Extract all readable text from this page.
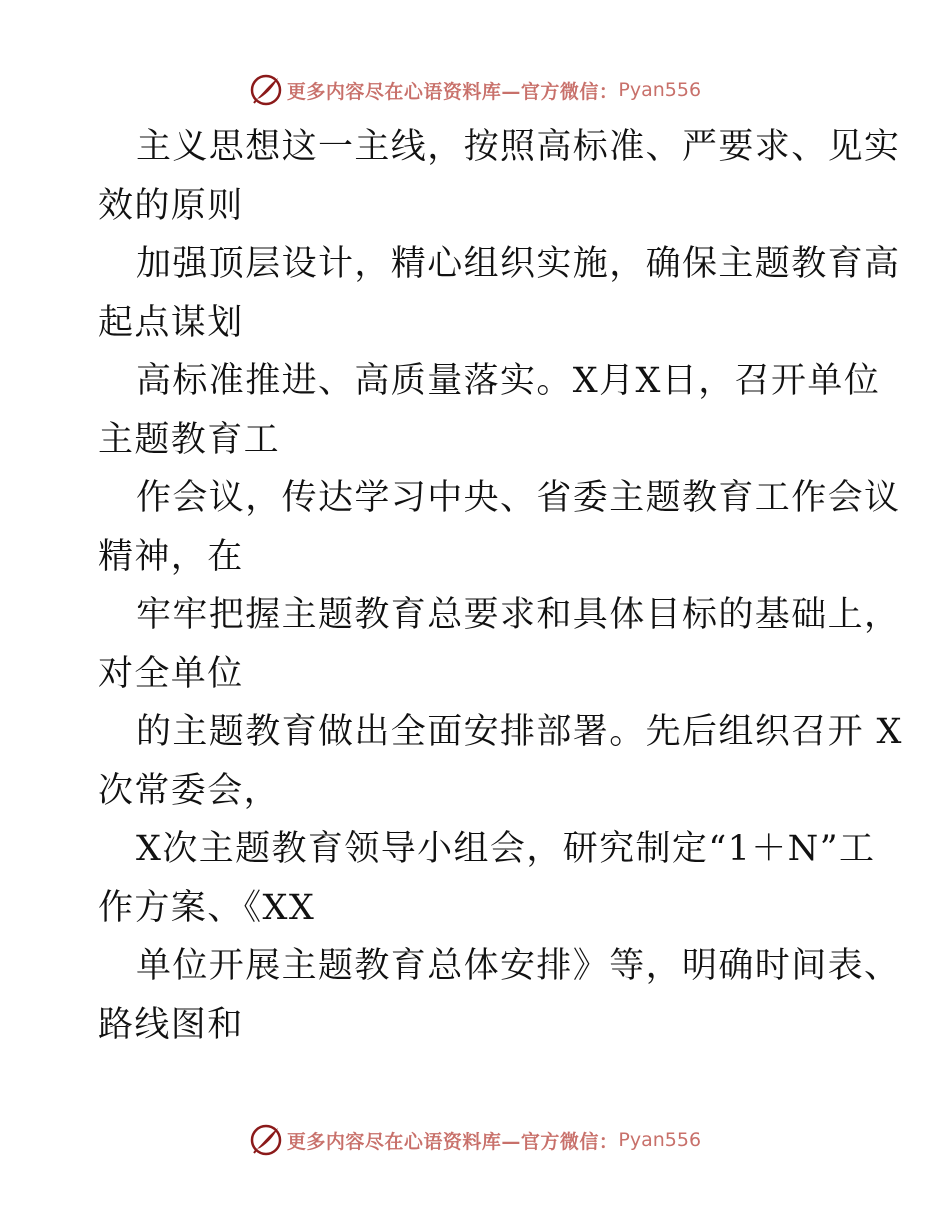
更多内容尽在心语资料库—官方微信： Pyan556
主义思想这一主线，按照高标准、严要求、见实
效的原则
加强顶层设计，精心组织实施，确保主题教育高
起点谋划
高标准推进、高质量落实。X月X日，召开单位
主题教育工
作会议，传达学习中央、省委主题教育工作会议
精神，在
牢牢把握主题教育总要求和具体目标的基础上，
对全单位
的主题教育做出全面安排部署。先后组织召开 X
次常委会，
X次主题教育领导小组会，研究制定“1＋N”工
作方案、《XX
单位开展主题教育总体安排》等，明确时间表、
路线图和
更多内容尽在心语资料库—官方微信： Pyan556
